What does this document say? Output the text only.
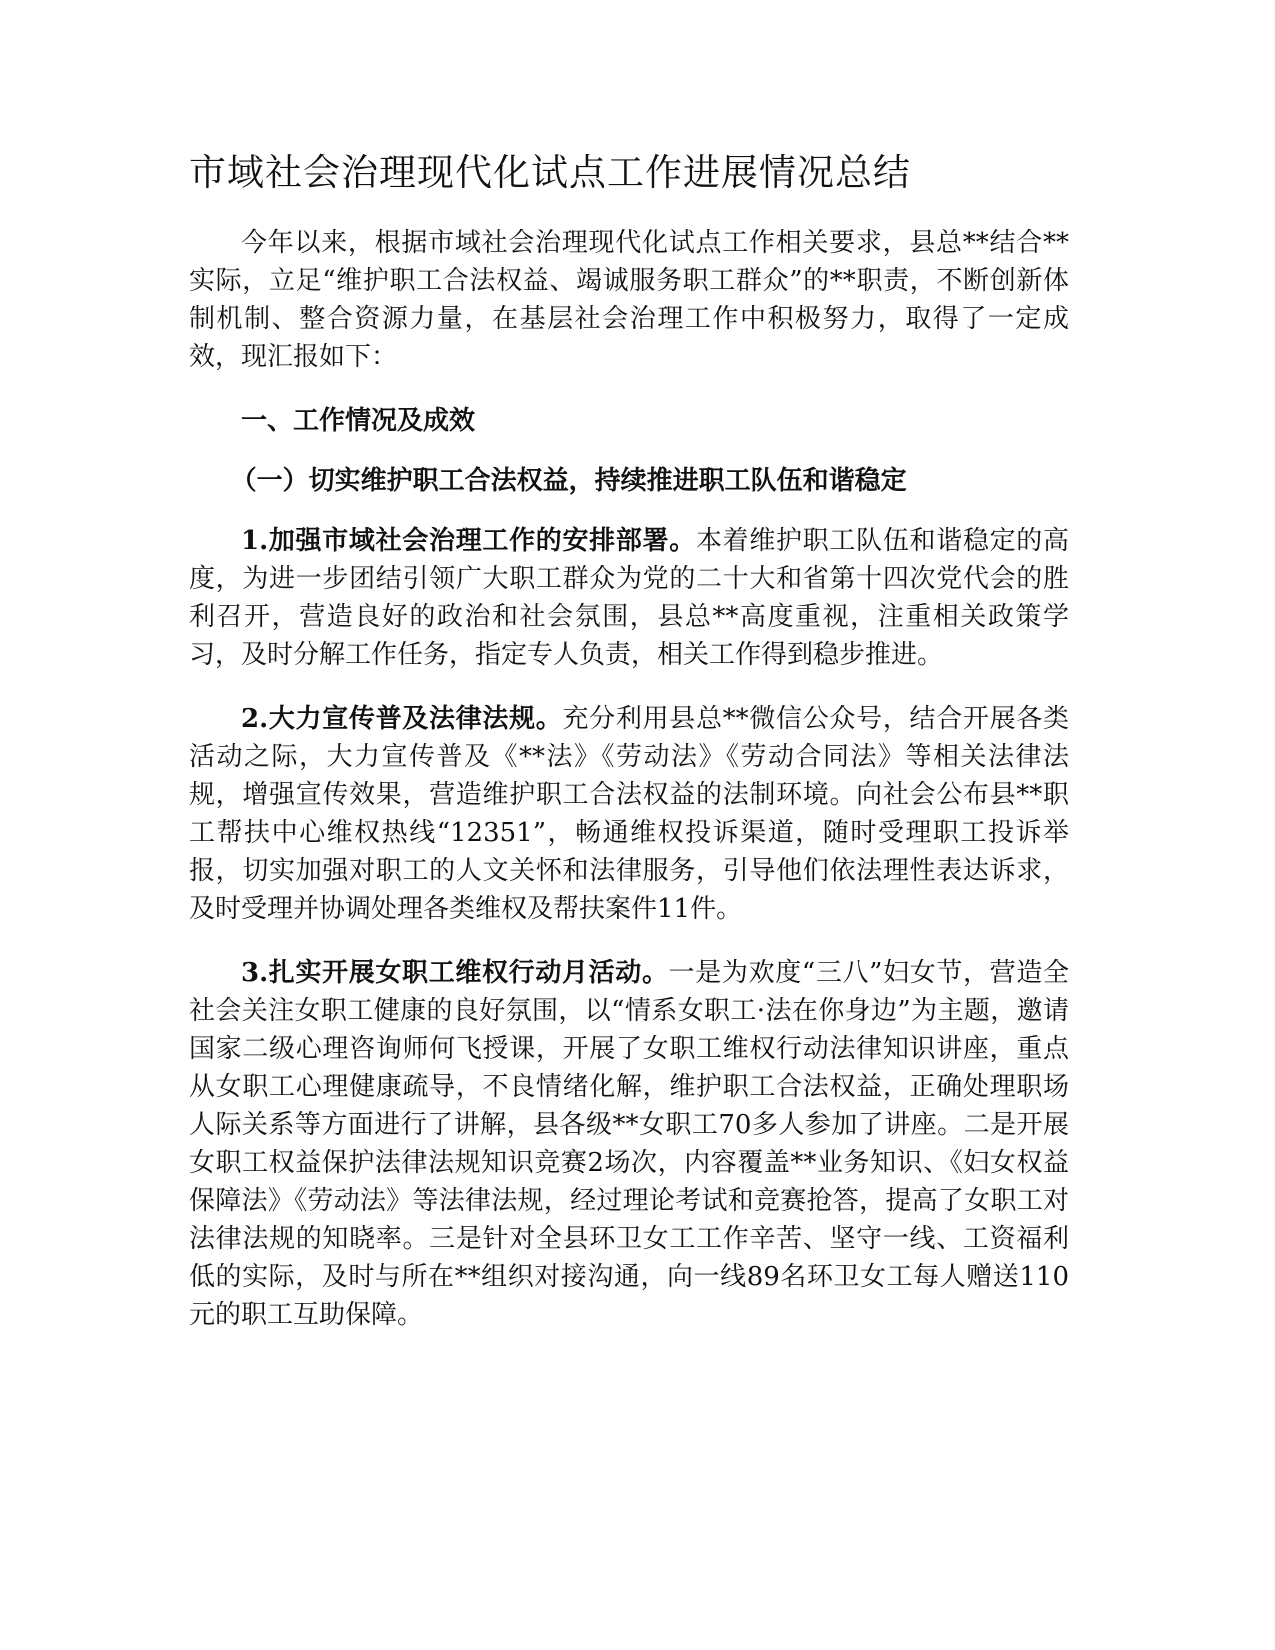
市域社会治理现代化试点工作进展情况总结

今年以来，根据市域社会治理现代化试点工作相关要求，县总**结合**实际，立足“维护职工合法权益、竭诚服务职工群众”的**职责，不断创新体制机制、整合资源力量，在基层社会治理工作中积极努力，取得了一定成效，现汇报如下：

一、工作情况及成效

（一）切实维护职工合法权益，持续推进职工队伍和谐稳定

1.加强市域社会治理工作的安排部署。本着维护职工队伍和谐稳定的高度，为进一步团结引领广大职工群众为党的二十大和省第十四次党代会的胜利召开，营造良好的政治和社会氛围，县总**高度重视，注重相关政策学习，及时分解工作任务，指定专人负责，相关工作得到稳步推进。

2.大力宣传普及法律法规。充分利用县总**微信公众号，结合开展各类活动之际，大力宣传普及《**法》《劳动法》《劳动合同法》等相关法律法规，增强宣传效果，营造维护职工合法权益的法制环境。向社会公布县**职工帮扶中心维权热线“12351”，畅通维权投诉渠道，随时受理职工投诉举报，切实加强对职工的人文关怀和法律服务，引导他们依法理性表达诉求，及时受理并协调处理各类维权及帮扶案件11件。

3.扎实开展女职工维权行动月活动。一是为欢度“三八”妇女节，营造全社会关注女职工健康的良好氛围，以“情系女职工·法在你身边”为主题，邀请国家二级心理咨询师何飞授课，开展了女职工维权行动法律知识讲座，重点从女职工心理健康疏导，不良情绪化解，维护职工合法权益，正确处理职场人际关系等方面进行了讲解，县各级**女职工70多人参加了讲座。二是开展女职工权益保护法律法规知识竞赛2场次，内容覆盖**业务知识、《妇女权益保障法》《劳动法》等法律法规，经过理论考试和竞赛抢答，提高了女职工对法律法规的知晓率。三是针对全县环卫女工工作辛苦、坚守一线、工资福利低的实际，及时与所在**组织对接沟通，向一线89名环卫女工每人赠送110元的职工互助保障。
